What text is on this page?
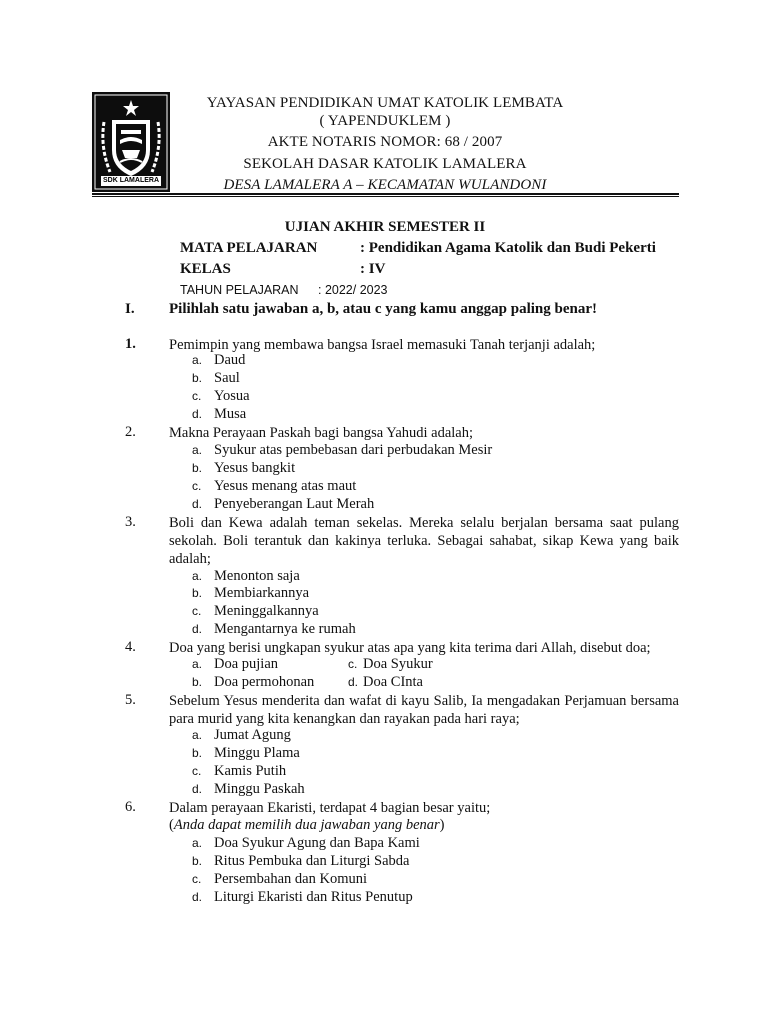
SDK LAMALERA
YAYASAN PENDIDIKAN UMAT KATOLIK LEMBATA
( YAPENDUKLEM )
AKTE NOTARIS NOMOR: 68 / 2007
SEKOLAH DASAR KATOLIK LAMALERA
DESA LAMALERA A – KECAMATAN WULANDONI
UJIAN AKHIR SEMESTER II
MATA PELAJARAN	: Pendidikan Agama Katolik dan Budi Pekerti
KELAS	: IV
TAHUN PELAJARAN : 2022/ 2023
I. Pilihlah satu jawaban a, b, atau c yang kamu anggap paling benar!
1. Pemimpin yang membawa bangsa Israel memasuki Tanah terjanji adalah;
a. Daud
b. Saul
c. Yosua
d. Musa
2. Makna Perayaan Paskah bagi bangsa Yahudi adalah;
a. Syukur atas pembebasan dari perbudakan Mesir
b. Yesus bangkit
c. Yesus menang atas maut
d. Penyeberangan Laut Merah
3. Boli dan Kewa adalah teman sekelas. Mereka selalu berjalan bersama saat pulang sekolah. Boli terantuk dan kakinya terluka. Sebagai sahabat, sikap Kewa yang baik adalah;
a. Menonton saja
b. Membiarkannya
c. Meninggalkannya
d. Mengantarnya ke rumah
4. Doa yang berisi ungkapan syukur atas apa yang kita terima dari Allah, disebut doa;
a. Doa pujian
b. Doa permohonan
c. Doa Syukur
d. Doa CInta
5. Sebelum Yesus menderita dan wafat di kayu Salib, Ia mengadakan Perjamuan bersama para murid yang kita kenangkan dan rayakan pada hari raya;
a. Jumat Agung
b. Minggu Plama
c. Kamis Putih
d. Minggu Paskah
6. Dalam perayaan Ekaristi, terdapat 4 bagian besar yaitu;
(Anda dapat memilih dua jawaban yang benar)
a. Doa Syukur Agung dan Bapa Kami
b. Ritus Pembuka dan Liturgi Sabda
c. Persembahan dan Komuni
d. Liturgi Ekaristi dan Ritus Penutup
